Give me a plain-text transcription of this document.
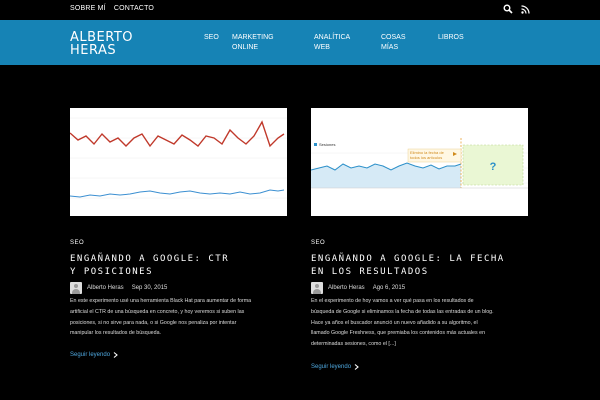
SOBRE MÍ CONTACTO
ALBERTO
HERAS
SEO MARKETING
ONLINE
ANALÍTICA
WEB
COSAS
MÍAS
LIBROS
SEO
ENGAÑANDO A GOOGLE: CTR
Y POSICIONES
Alberto Heras Sep 30, 2015
En este experimento usé una herramienta Black Hat para aumentar de forma
artificial el CTR de una búsqueda en concreto, y hoy veremos si suben las
posiciones, si no sirve para nada, o si Google nos penaliza por intentar
manipular los resultados de búsqueda.
Seguir leyendo
Sesiones
Elimino la fecha de
todos los artículos
?
SEO
ENGAÑANDO A GOOGLE: LA FECHA
EN LOS RESULTADOS
Alberto Heras Ago 6, 2015
En el experimento de hoy vamos a ver qué pasa en los resultados de
búsqueda de Google si eliminamos la fecha de todas las entradas de un blog.
Hace ya años el buscador anunció un nuevo añadido a su algoritmo, el
llamado Google Freshness, que premiaba los contenidos más actuales en
determinadas sesiones, como el [...]
Seguir leyendo
